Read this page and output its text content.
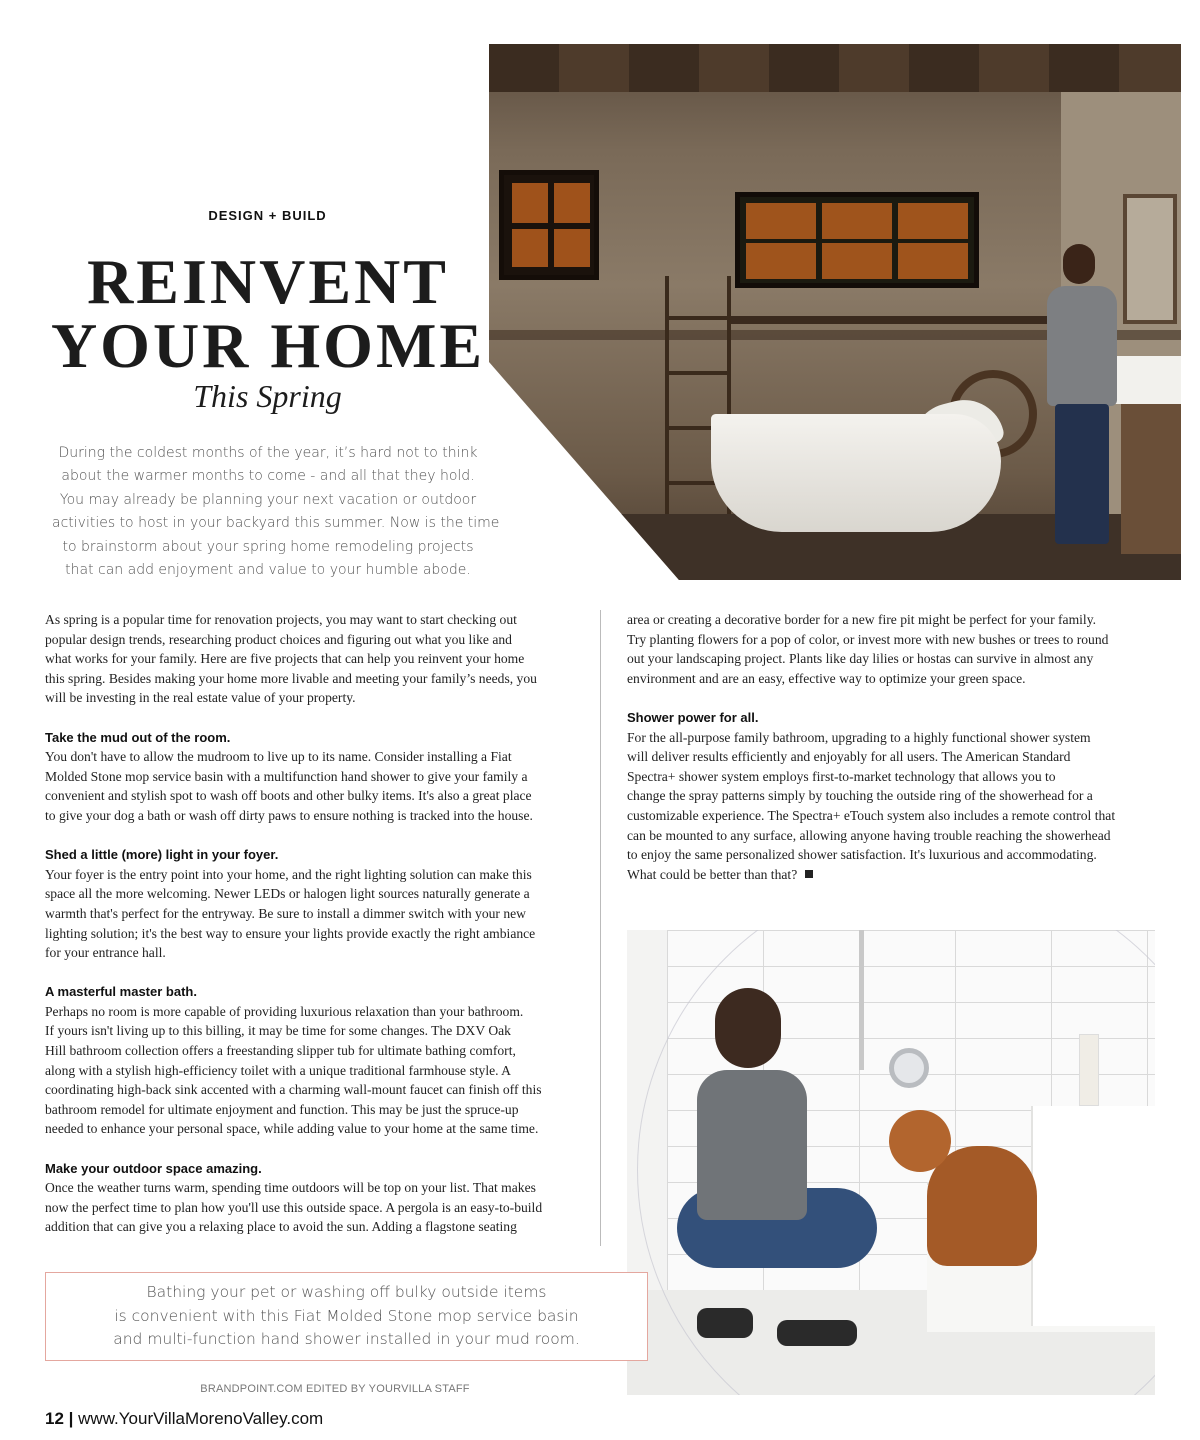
DESIGN + BUILD
REINVENT
YOUR HOME
This Spring
During the coldest months of the year, it’s hard not to think
about the warmer months to come - and all that they hold.
You may already be planning your next vacation or outdoor
activities to host in your backyard this summer. Now is the time
to brainstorm about your spring home remodeling projects
that can add enjoyment and value to your humble abode.

As spring is a popular time for renovation projects, you may want to start checking out
popular design trends, researching product choices and figuring out what you like and
what works for your family. Here are five projects that can help you reinvent your home
this spring. Besides making your home more livable and meeting your family’s needs, you
will be investing in the real estate value of your property.

Take the mud out of the room.

You don't have to allow the mudroom to live up to its name. Consider installing a Fiat
Molded Stone mop service basin with a multifunction hand shower to give your family a
convenient and stylish spot to wash off boots and other bulky items. It's also a great place
to give your dog a bath or wash off dirty paws to ensure nothing is tracked into the house.

Shed a little (more) light in your foyer.

Your foyer is the entry point into your home, and the right lighting solution can make this
space all the more welcoming. Newer LEDs or halogen light sources naturally generate a
warmth that's perfect for the entryway. Be sure to install a dimmer switch with your new
lighting solution; it's the best way to ensure your lights provide exactly the right ambiance
for your entrance hall.

A masterful master bath.

Perhaps no room is more capable of providing luxurious relaxation than your bathroom.
If yours isn't living up to this billing, it may be time for some changes. The DXV Oak
Hill bathroom collection offers a freestanding slipper tub for ultimate bathing comfort,
along with a stylish high-efficiency toilet with a unique traditional farmhouse style. A
coordinating high-back sink accented with a charming wall-mount faucet can finish off this
bathroom remodel for ultimate enjoyment and function. This may be just the spruce-up
needed to enhance your personal space, while adding value to your home at the same time.

Make your outdoor space amazing.

Once the weather turns warm, spending time outdoors will be top on your list. That makes
now the perfect time to plan how you'll use this outside space. A pergola is an easy-to-build
addition that can give you a relaxing place to avoid the sun. Adding a flagstone seating

area or creating a decorative border for a new fire pit might be perfect for your family.
Try planting flowers for a pop of color, or invest more with new bushes or trees to round
out your landscaping project. Plants like day lilies or hostas can survive in almost any
environment and are an easy, effective way to optimize your green space.

Shower power for all.

For the all-purpose family bathroom, upgrading to a highly functional shower system
will deliver results efficiently and enjoyably for all users. The American Standard
Spectra+ shower system employs first-to-market technology that allows you to
change the spray patterns simply by touching the outside ring of the showerhead for a
customizable experience. The Spectra+ eTouch system also includes a remote control that
can be mounted to any surface, allowing anyone having trouble reaching the showerhead
to enjoy the same personalized shower satisfaction. It's luxurious and accommodating.
What could be better than that?

Bathing your pet or washing off bulky outside items
is convenient with this Fiat Molded Stone mop service basin
and multi-function hand shower installed in your mud room.
BRANDPOINT.COM EDITED BY YOURVILLA STAFF
12 | www.YourVillaMorenoValley.com
